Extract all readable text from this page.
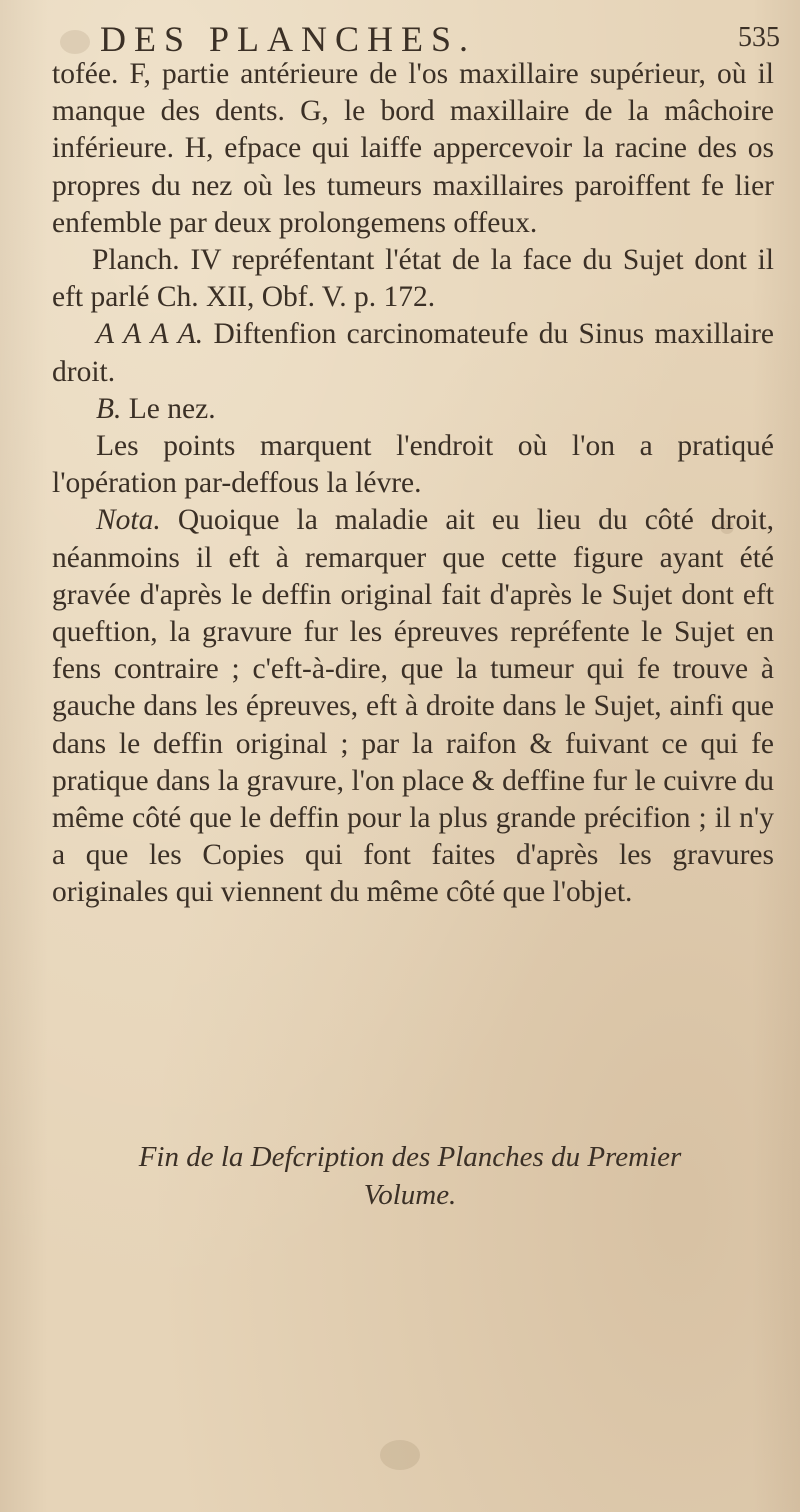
DES PLANCHES.	535

tofée. F, partie antérieure de l'os maxillaire supérieur, où il manque des dents. G, le bord maxillaire de la mâchoire inférieure. H, efpace qui laiffe appercevoir la racine des os propres du nez où les tumeurs maxillaires paroiffent fe lier enfemble par deux prolongemens offeux.

Planch. IV repréfentant l'état de la face du Sujet dont il eft parlé Ch. XII, Obf. V. p. 172.

A A A A. Diftenfion carcinomateufe du Sinus maxillaire droit.

B. Le nez.

Les points marquent l'endroit où l'on a pratiqué l'opération par-deffous la lévre.

Nota. Quoique la maladie ait eu lieu du côté droit, néanmoins il eft à remarquer que cette figure ayant été gravée d'après le deffin original fait d'après le Sujet dont eft queftion, la gravure fur les épreuves repréfente le Sujet en fens contraire ; c'eft-à-dire, que la tumeur qui fe trouve à gauche dans les épreuves, eft à droite dans le Sujet, ainfi que dans le deffin original ; par la raifon & fuivant ce qui fe pratique dans la gravure, l'on place & deffine fur le cuivre du même côté que le deffin pour la plus grande précifion ; il n'y a que les Copies qui font faites d'après les gravures originales qui viennent du même côté que l'objet.

Fin de la Defcription des Planches du Premier
Volume.
